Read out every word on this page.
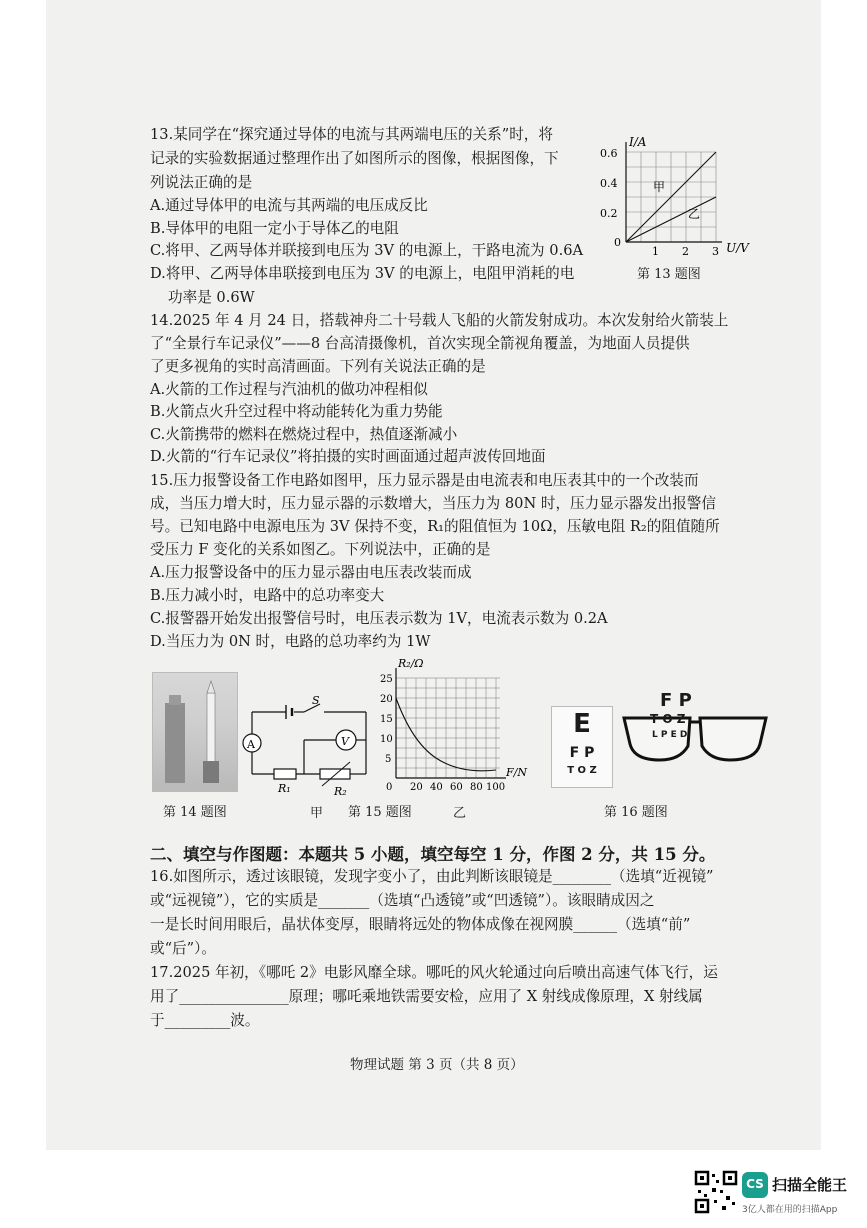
13.某同学在“探究通过导体的电流与其两端电压的关系”时，将
记录的实验数据通过整理作出了如图所示的图像，根据图像，下
列说法正确的是
A.通过导体甲的电流与其两端的电压成反比
B.导体甲的电阻一定小于导体乙的电阻
C.将甲、乙两导体并联接到电压为 3V 的电源上，干路电流为 0.6A
D.将甲、乙两导体串联接到电压为 3V 的电源上，电阻甲消耗的电
功率是 0.6W
I/A
U/V
0.6
0.4
0.2
0
1 2 3
甲
乙
第 13 题图
14.2025 年 4 月 24 日，搭载神舟二十号载人飞船的火箭发射成功。本次发射给火箭装上
了“全景行车记录仪”——8 台高清摄像机，首次实现全箭视角覆盖，为地面人员提供
了更多视角的实时高清画面。下列有关说法正确的是
A.火箭的工作过程与汽油机的做功冲程相似
B.火箭点火升空过程中将动能转化为重力势能
C.火箭携带的燃料在燃烧过程中，热值逐渐减小
D.火箭的“行车记录仪”将拍摄的实时画面通过超声波传回地面
15.压力报警设备工作电路如图甲，压力显示器是由电流表和电压表其中的一个改装而
成，当压力增大时，压力显示器的示数增大，当压力为 80N 时，压力显示器发出报警信
号。已知电路中电源电压为 3V 保持不变，R₁的阻值恒为 10Ω，压敏电阻 R₂的阻值随所
受压力 F 变化的关系如图乙。下列说法中，正确的是
A.压力报警设备中的压力显示器由电压表改装而成
B.压力减小时，电路中的总功率变大
C.报警器开始发出报警信号时，电压表示数为 1V，电流表示数为 0.2A
D.当压力为 0N 时，电路的总功率约为 1W
第 14 题图
A	V
S
R₁	R₂
甲 第 15 题图
R₂/Ω
F/N
25
20
15
10
5
0 20 40 60 80 100
乙
E
F P
T O Z
F P
T O Z
L P E D
第 16 题图
二、填空与作图题：本题共 5 小题，填空每空 1 分，作图 2 分，共 15 分。
16.如图所示，透过该眼镜，发现字变小了，由此判断该眼镜是________（选填“近视镜”
或“远视镜”），它的实质是_______（选填“凸透镜”或“凹透镜”）。该眼睛成因之
一是长时间用眼后，晶状体变厚，眼睛将远处的物体成像在视网膜______（选填“前”
或“后”）。
17.2025 年初，《哪吒 2》电影风靡全球。哪吒的风火轮通过向后喷出高速气体飞行，运
用了_______________原理；哪吒乘地铁需要安检，应用了 X 射线成像原理，X 射线属
于_________波。
物理试题 第 3 页（共 8 页）
CS 扫描全能王
3亿人都在用的扫描App
